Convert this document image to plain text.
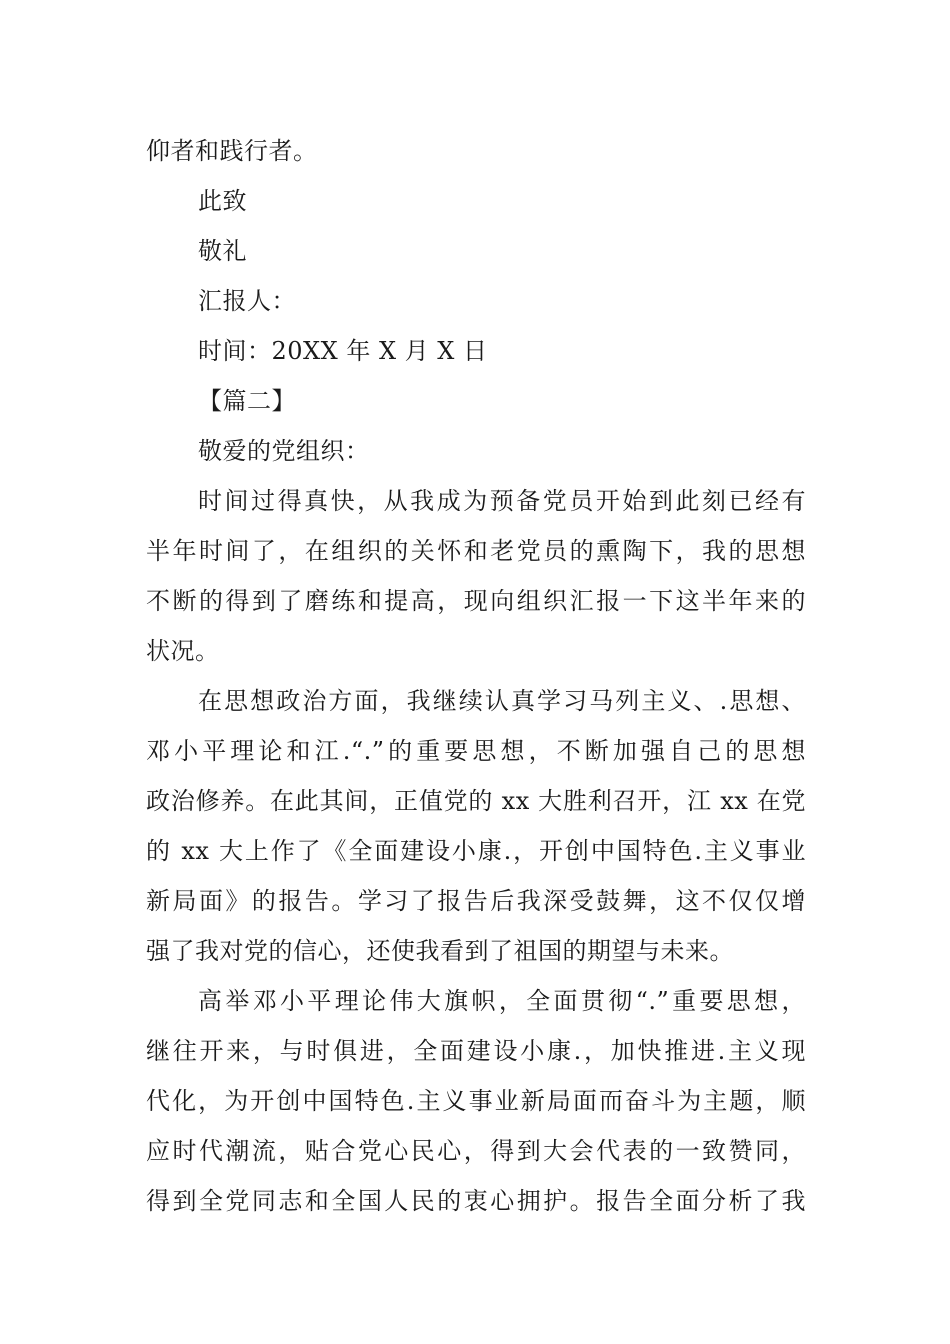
仰者和践行者。
此致
敬礼
汇报人：
时间：20XX 年 X 月 X 日
【篇二】
敬爱的党组织：
时间过得真快，从我成为预备党员开始到此刻已经有
半年时间了，在组织的关怀和老党员的熏陶下，我的思想
不断的得到了磨练和提高，现向组织汇报一下这半年来的
状况。
在思想政治方面，我继续认真学习马列主义、.思想、
邓小平理论和江.“.”的重要思想，不断加强自己的思想
政治修养。在此其间，正值党的 xx 大胜利召开，江 xx 在党
的 xx 大上作了《全面建设小康.，开创中国特色.主义事业
新局面》的报告。学习了报告后我深受鼓舞，这不仅仅增
强了我对党的信心，还使我看到了祖国的期望与未来。
高举邓小平理论伟大旗帜，全面贯彻“.”重要思想，
继往开来，与时俱进，全面建设小康.，加快推进.主义现
代化，为开创中国特色.主义事业新局面而奋斗为主题，顺
应时代潮流，贴合党心民心，得到大会代表的一致赞同，
得到全党同志和全国人民的衷心拥护。报告全面分析了我
